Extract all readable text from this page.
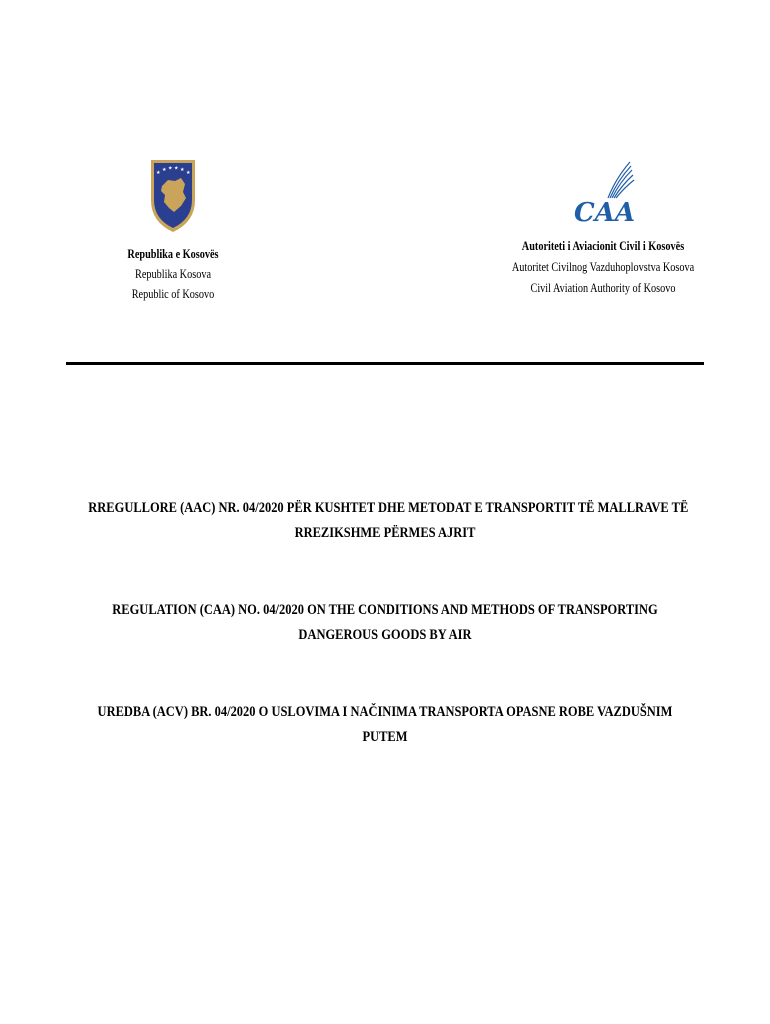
★ ★ ★ ★ ★ ★
Republika e Kosovës
Republika Kosova
Republic of Kosovo
CAA
Autoriteti i Aviacionit Civil i Kosovës
Autoritet Civilnog Vazduhoplovstva Kosova
Civil Aviation Authority of Kosovo
RREGULLORE (AAC) NR. 04/2020 PËR KUSHTET DHE METODAT E TRANSPORTIT TË MALLRAVE TË
RREZIKSHME PËRMES AJRIT
REGULATION (CAA) NO. 04/2020 ON THE CONDITIONS AND METHODS OF TRANSPORTING
DANGEROUS GOODS BY AIR
UREDBA (ACV) BR. 04/2020 O USLOVIMA I NAČINIMA TRANSPORTA OPASNE ROBE VAZDUŠNIM
PUTEM
